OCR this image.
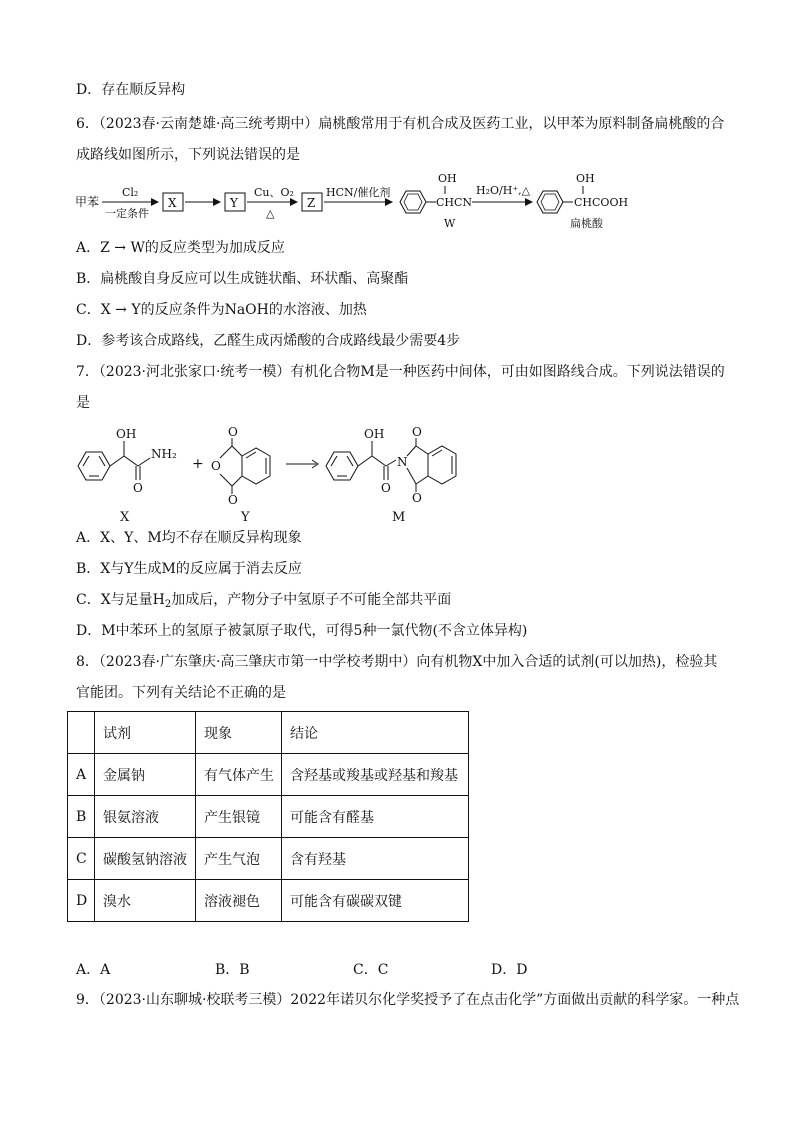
D．存在顺反异构
6．（2023春·云南楚雄·高三统考期中）扁桃酸常用于有机合成及医药工业，以甲苯为原料制备扁桃酸的合
成路线如图所示，下列说法错误的是
甲苯
Cl₂
一定条件
X	Y
Cu、O₂
△
Z
HCN/催化剂
OH
CHCN
W
H₂O/H⁺,△
OH
CHCOOH
扁桃酸
A．Z → W的反应类型为加成反应
B．扁桃酸自身反应可以生成链状酯、环状酯、高聚酯
C．X → Y的反应条件为NaOH的水溶液、加热
D．参考该合成路线，乙醛生成丙烯酸的合成路线最少需要4步
7．（2023·河北张家口·统考一模）有机化合物M是一种医药中间体，可由如图路线合成。下列说法错误的
是
OH
NH₂
O
+
O
O
O
OH
O
N
O
O
X	Y	M
A．X、Y、M均不存在顺反异构现象
B．X与Y生成M的反应属于消去反应
C．X与足量$H_2$加成后，产物分子中氢原子不可能全部共平面
D．M中苯环上的氢原子被氯原子取代，可得5种一氯代物(不含立体异构)
8．（2023春·广东肇庆·高三肇庆市第一中学校考期中）向有机物X中加入合适的试剂(可以加热)，检验其
官能团。下列有关结论不正确的是
	试剂	现象	结论
A	金属钠	有气体产生	含羟基或羧基或羟基和羧基
B	银氨溶液	产生银镜	可能含有醛基
C	碳酸氢钠溶液	产生气泡	含有羟基
D	溴水	溶液褪色	可能含有碳碳双键
A．A	B．B	C．C	D．D
9．（2023·山东聊城·校联考三模）2022年诺贝尔化学奖授予了在点击化学”方面做出贡献的科学家。一种点
